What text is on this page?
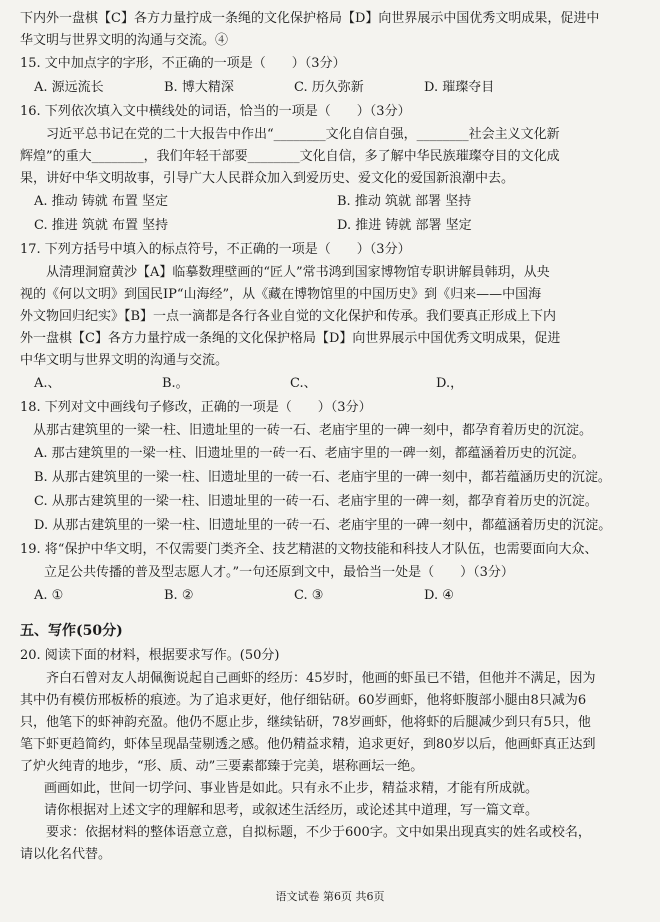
下内外一盘棋【C】各方力量拧成一条绳的文化保护格局【D】向世界展示中国优秀文明成果，促进中

华文明与世界文明的沟通与交流。④

15. 文中加点字的字形，不正确的一项是（　　）（3分）

A. 源远流长	B. 博大精深	C. 历久弥新	D. 璀璨夺目

16. 下列依次填入文中横线处的词语，恰当的一项是（　　）（3分）

　　习近平总书记在党的二十大报告中作出“________文化自信自强，________社会主义文化新

辉煌”的重大________，我们年轻干部要________文化自信，多了解中华民族璀璨夺目的文化成

果，讲好中华文明故事，引导广大人民群众加入到爱历史、爱文化的爱国新浪潮中去。

A. 推动 铸就 布置 坚定	B. 推动 筑就 部署 坚持
C. 推进 筑就 布置 坚持	D. 推进 铸就 部署 坚定

17. 下列方括号中填入的标点符号，不正确的一项是（　　）（3分）

　　从清理洞窟黄沙【A】临摹数理壁画的“匠人”常书鸿到国家博物馆专职讲解員韩玥，从央

视的《何以文明》到国民IP“山海经”，从《藏在博物馆里的中国历史》到《归来——中国海

外文物回归纪实》【B】一点一滴都是各行各业自觉的文化保护和传承。我们要真正形成上下内

外一盘棋【C】各方力量拧成一条绳的文化保护格局【D】向世界展示中国优秀文明成果，促进

中华文明与世界文明的沟通与交流。

A.、	B.。	C.、	D.，

18. 下列对文中画线句子修改，正确的一项是（　　）（3分）

　从那古建筑里的一梁一柱、旧遗址里的一砖一石、老庙宇里的一碑一刻中，都孕育着历史的沉淀。

A. 那古建筑里的一梁一柱、旧遗址里的一砖一石、老庙宇里的一碑一刻，都蕴涵着历史的沉淀。

B. 从那古建筑里的一梁一柱、旧遗址里的一砖一石、老庙宇里的一碑一刻中，都若蕴涵历史的沉淀。

C. 从那古建筑里的一梁一柱、旧遗址里的一砖一石、老庙宇里的一碑一刻，都孕育着历史的沉淀。

D. 从那古建筑里的一梁一柱、旧遗址里的一砖一石、老庙宇里的一碑一刻中，都蕴涵着历史的沉淀。

19. 将“保护中华文明，不仅需要门类齐全、技艺精湛的文物技能和科技人才队伍，也需要面向大众、

立足公共传播的普及型志愿人才。”一句还原到文中，最恰当一处是（　　）（3分）

A. ①	B. ②	C. ③	D. ④

五、写作(50分)

20. 阅读下面的材料，根据要求写作。(50分)

　　齐白石曾对友人胡佩衡说起自己画虾的经历：45岁时，他画的虾虽已不错，但他并不满足，因为

其中仍有模仿邢板桥的痕迹。为了追求更好，他仔细钻研。60岁画虾，他将虾腹部小腿由8只减为6

只，他笔下的虾神韵充盈。他仍不愿止步，继续钻研，78岁画虾，他将虾的后腿减少到只有5只，他

笔下虾更趋简约，虾体呈现晶莹剔透之感。他仍精益求精，追求更好，到80岁以后，他画虾真正达到

了炉火纯青的地步，“形、质、动”三要素都臻于完美，堪称画坛一绝。

画画如此，世间一切学问、事业皆是如此。只有永不止步，精益求精，才能有所成就。

请你根据对上述文字的理解和思考，或叙述生活经历，或论述其中道理，写一篇文章。

　　要求：依据材料的整体语意立意，自拟标题，不少于600字。文中如果出现真实的姓名或校名，

请以化名代替。

语文试卷 第6页 共6页
